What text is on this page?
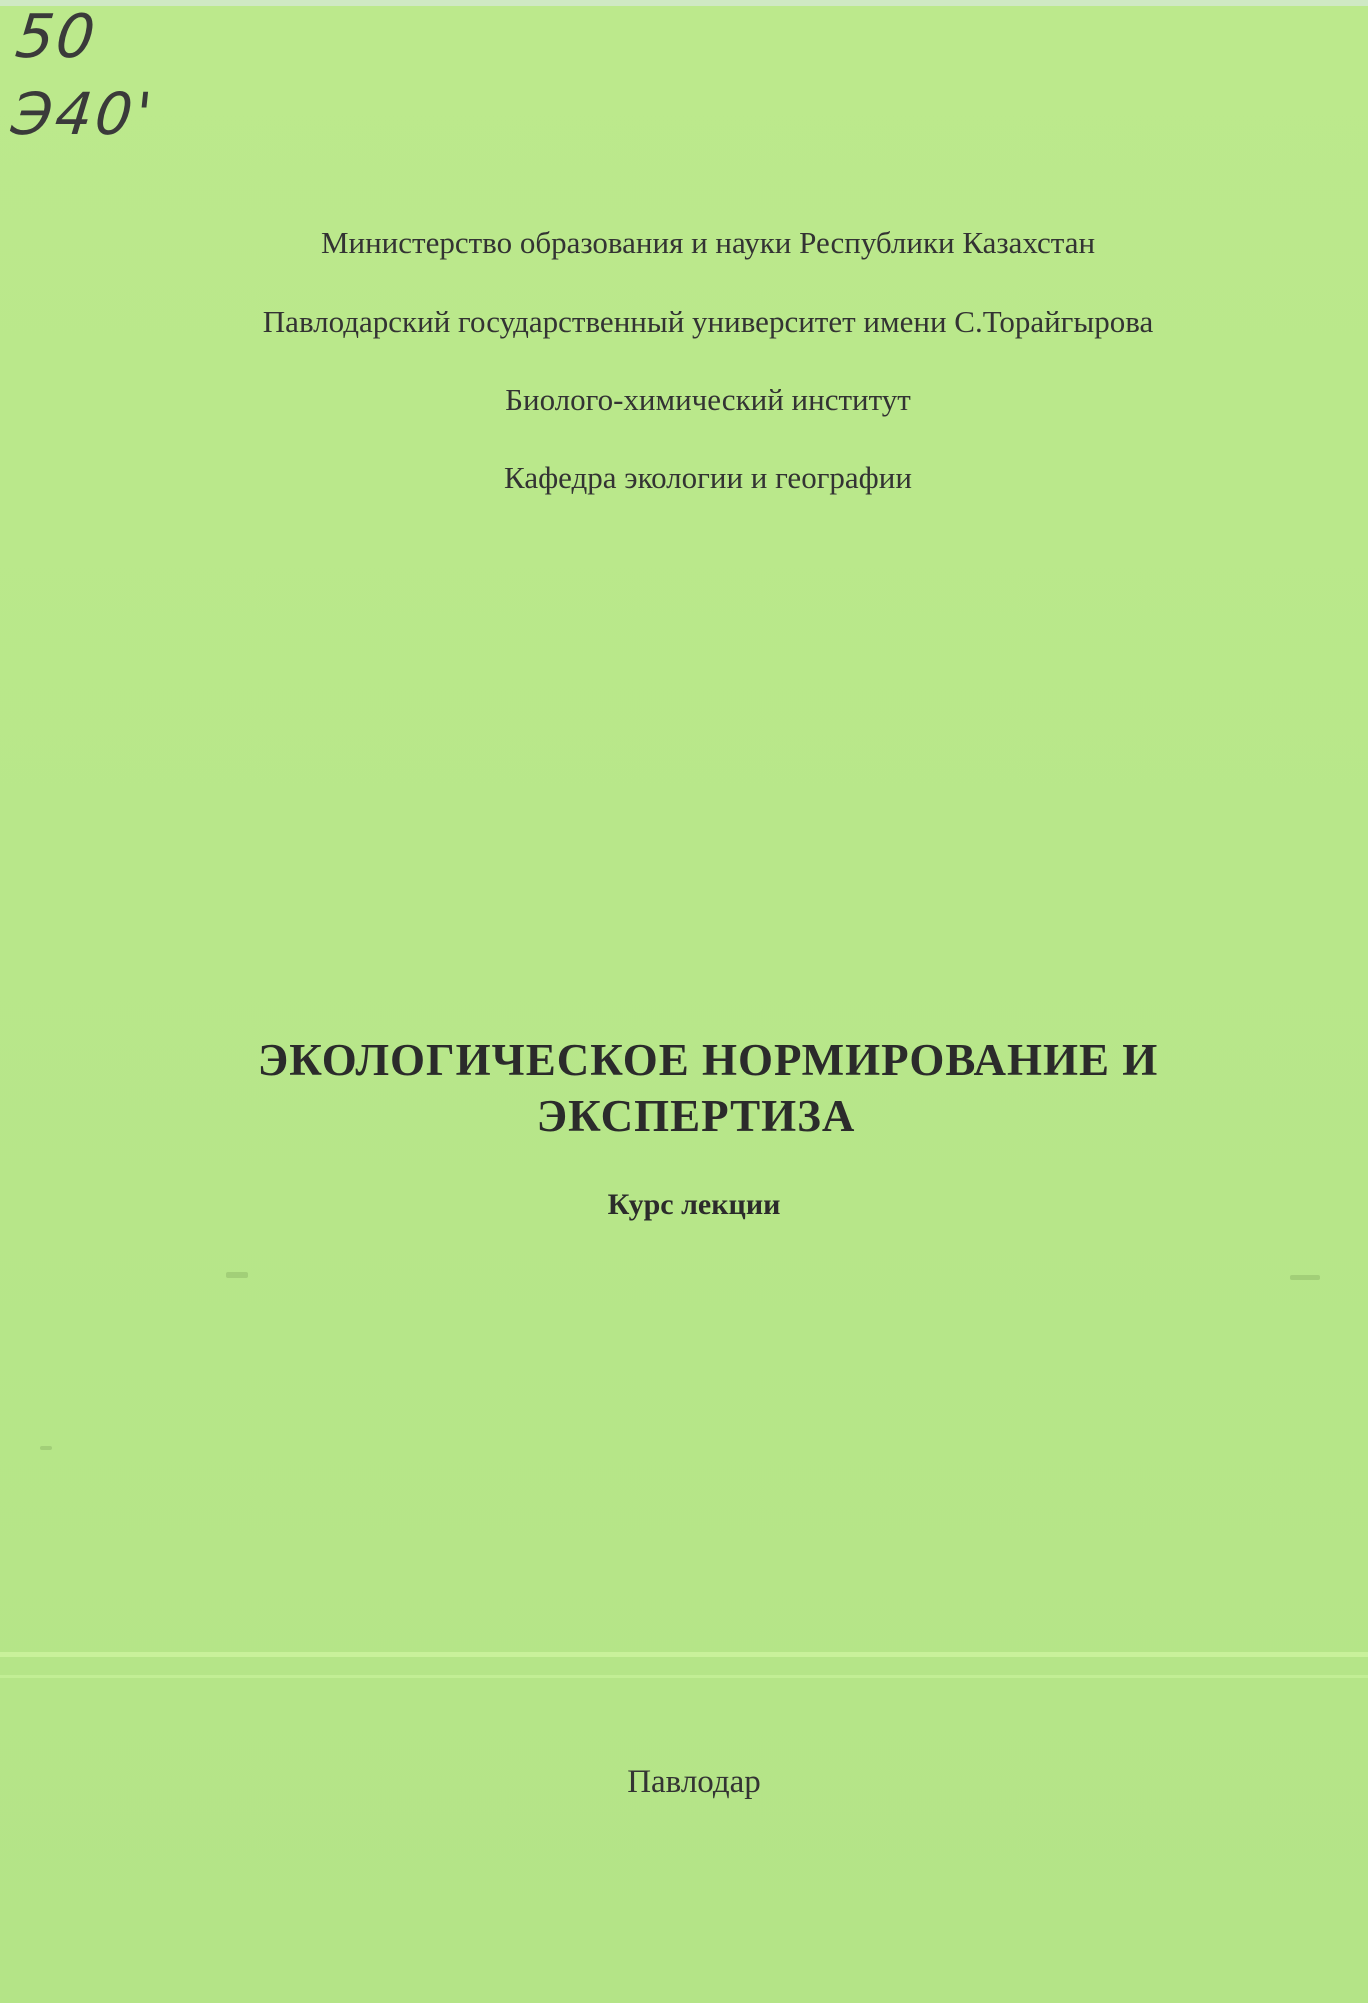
50
Э40'
Министерство образования и науки Республики Казахстан
Павлодарский государственный университет имени С.Торайгырова
Биолого-химический институт
Кафедра экологии и географии
ЭКОЛОГИЧЕСКОЕ НОРМИРОВАНИЕ И
ЭКСПЕРТИЗА
Курс лекции
Павлодар
